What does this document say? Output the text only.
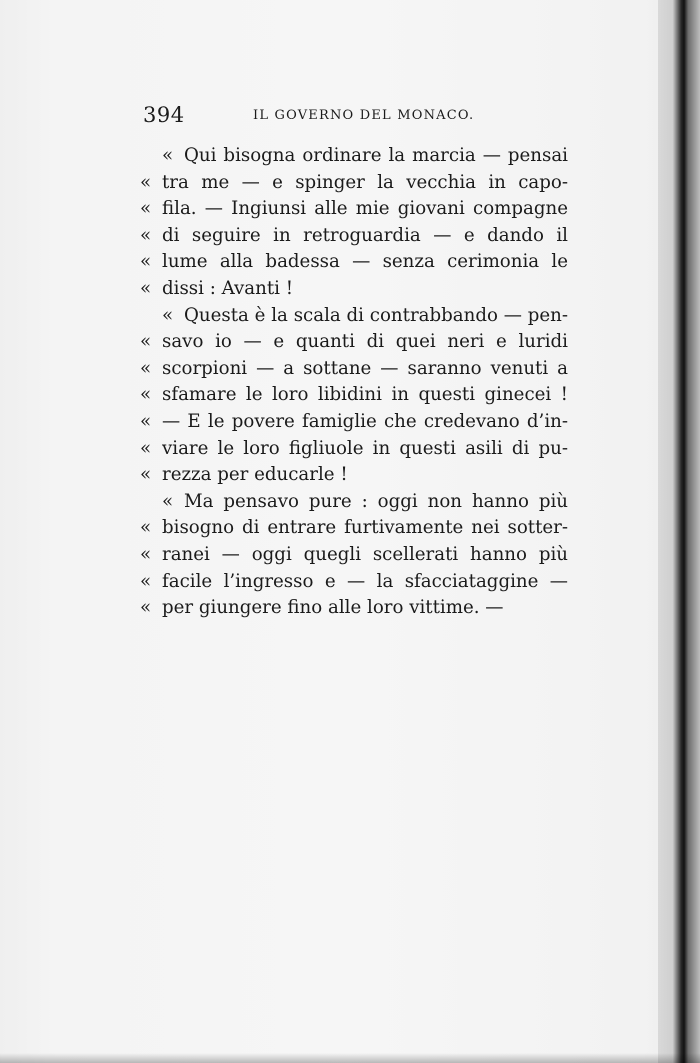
394	IL GOVERNO DEL MONACO.
« Qui bisogna ordinare la marcia — pensai
« tra me — e spinger la vecchia in capo-
« fila. — Ingiunsi alle mie giovani compagne
« di seguire in retroguardia — e dando il
« lume alla badessa — senza cerimonia le
« dissi : Avanti !
« Questa è la scala di contrabbando — pen-
« savo io — e quanti di quei neri e luridi
« scorpioni — a sottane — saranno venuti a
« sfamare le loro libidini in questi ginecei !
« — E le povere famiglie che credevano d’in-
« viare le loro figliuole in questi asili di pu-
« rezza per educarle !
« Ma pensavo pure : oggi non hanno più
« bisogno di entrare furtivamente nei sotter-
« ranei — oggi quegli scellerati hanno più
« facile l’ingresso e — la sfacciataggine —
« per giungere fino alle loro vittime. —
